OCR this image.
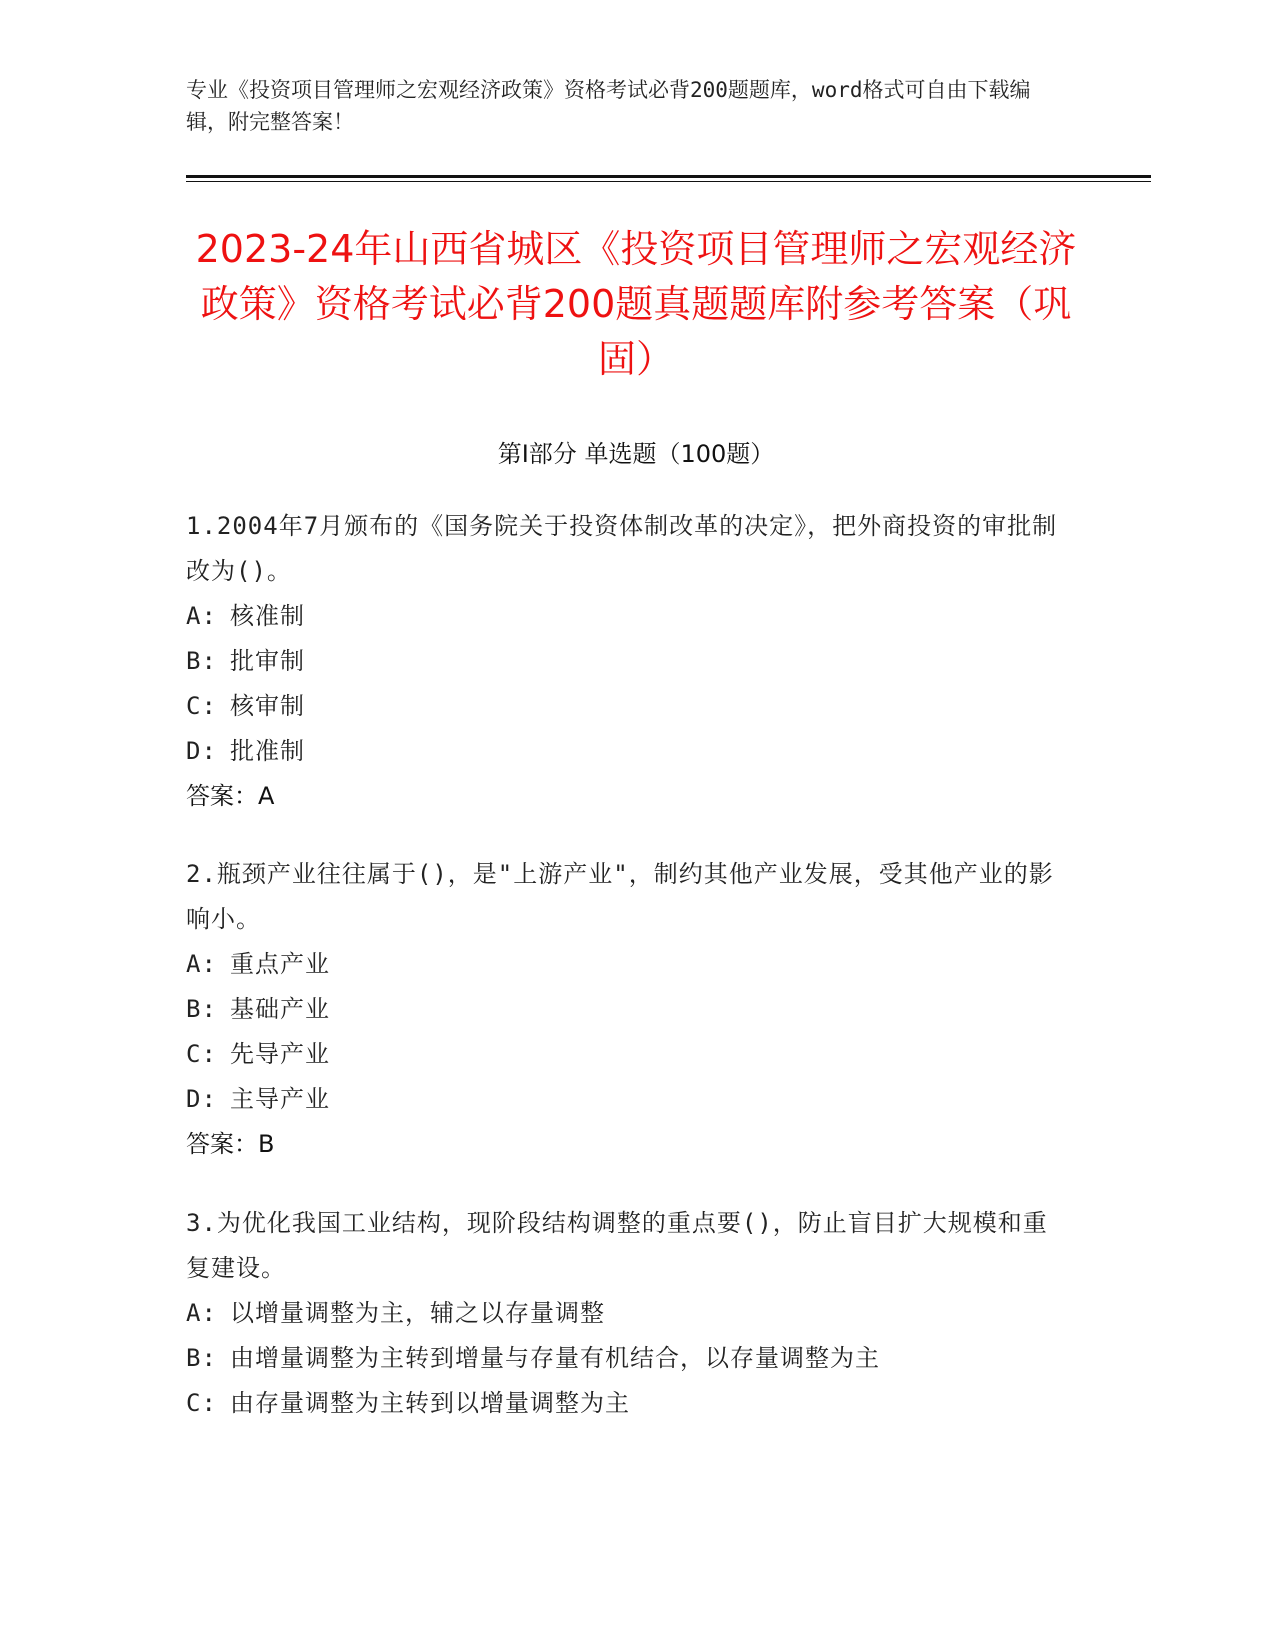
专业《投资项目管理师之宏观经济政策》资格考试必背200题题库，word格式可自由下载编辑，附完整答案！
2023-24年山西省城区《投资项目管理师之宏观经济政策》资格考试必背200题真题题库附参考答案（巩固）
第Ⅰ部分 单选题（100题）
1.2004年7月颁布的《国务院关于投资体制改革的决定》，把外商投资的审批制改为()。
A: 核准制
B: 批审制
C: 核审制
D: 批准制
答案：A
2.瓶颈产业往往属于()，是"上游产业"，制约其他产业发展，受其他产业的影响小。
A: 重点产业
B: 基础产业
C: 先导产业
D: 主导产业
答案：B
3.为优化我国工业结构，现阶段结构调整的重点要()，防止盲目扩大规模和重复建设。
A: 以增量调整为主，辅之以存量调整
B: 由增量调整为主转到增量与存量有机结合，以存量调整为主
C: 由存量调整为主转到以增量调整为主
